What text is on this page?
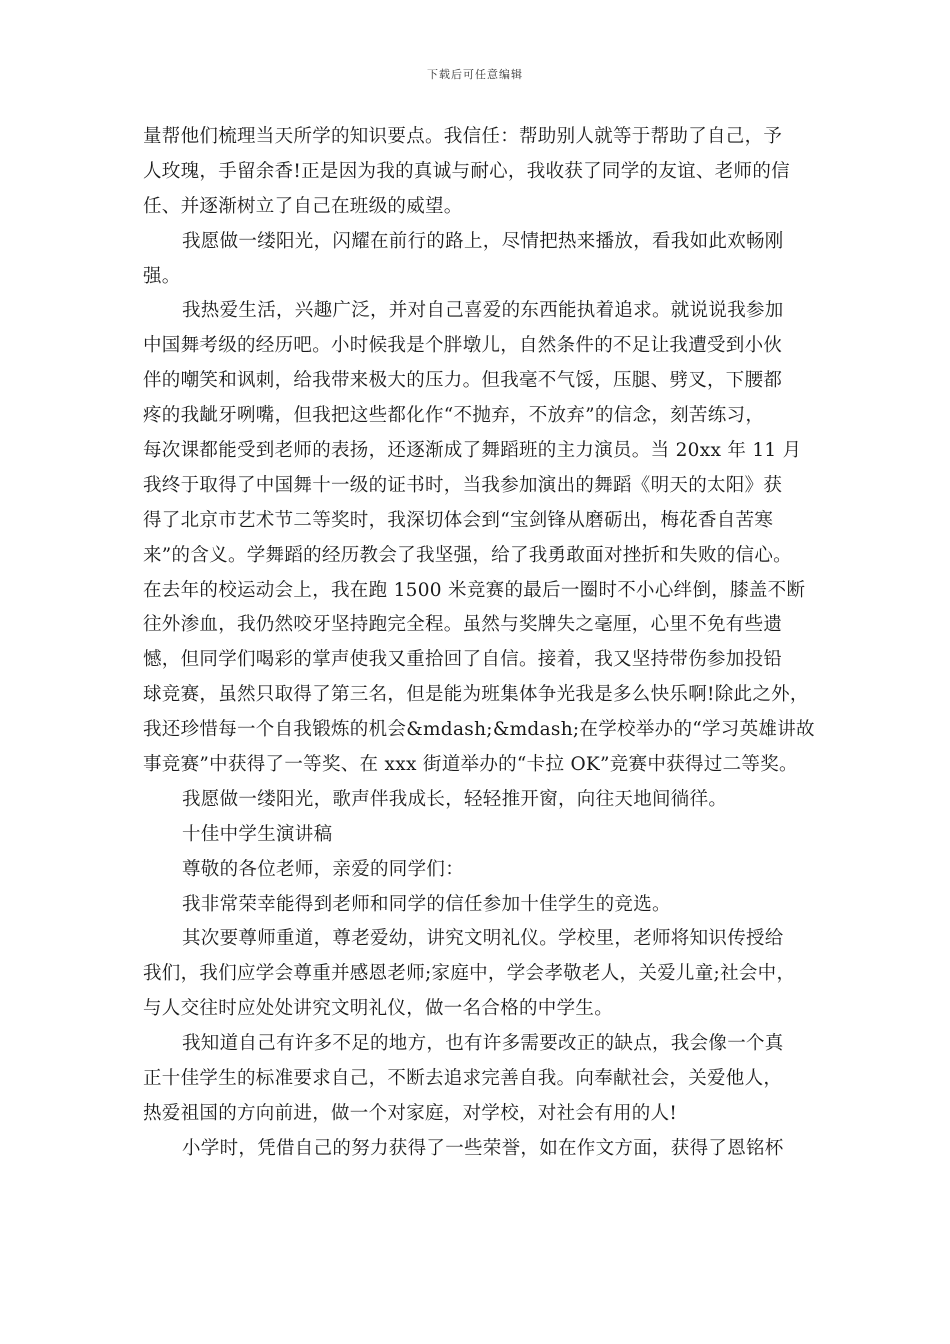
下载后可任意编辑
量帮他们梳理当天所学的知识要点。我信任：帮助别人就等于帮助了自己，予
人玫瑰，手留余香!正是因为我的真诚与耐心，我收获了同学的友谊、老师的信
任、并逐渐树立了自己在班级的威望。
我愿做一缕阳光，闪耀在前行的路上，尽情把热来播放，看我如此欢畅刚
强。
我热爱生活，兴趣广泛，并对自己喜爱的东西能执着追求。就说说我参加
中国舞考级的经历吧。小时候我是个胖墩儿，自然条件的不足让我遭受到小伙
伴的嘲笑和讽刺，给我带来极大的压力。但我毫不气馁，压腿、劈叉，下腰都
疼的我龇牙咧嘴，但我把这些都化作“不抛弃，不放弃”的信念，刻苦练习，
每次课都能受到老师的表扬，还逐渐成了舞蹈班的主力演员。当 20xx 年 11 月
我终于取得了中国舞十一级的证书时，当我参加演出的舞蹈《明天的太阳》获
得了北京市艺术节二等奖时，我深切体会到“宝剑锋从磨砺出，梅花香自苦寒
来”的含义。学舞蹈的经历教会了我坚强，给了我勇敢面对挫折和失败的信心。
在去年的校运动会上，我在跑 1500 米竞赛的最后一圈时不小心绊倒，膝盖不断
往外渗血，我仍然咬牙坚持跑完全程。虽然与奖牌失之毫厘，心里不免有些遗
憾，但同学们喝彩的掌声使我又重拾回了自信。接着，我又坚持带伤参加投铅
球竞赛，虽然只取得了第三名，但是能为班集体争光我是多么快乐啊!除此之外，
我还珍惜每一个自我锻炼的机会&mdash;&mdash;在学校举办的“学习英雄讲故
事竞赛”中获得了一等奖、在 xxx 街道举办的“卡拉 OK”竞赛中获得过二等奖。
我愿做一缕阳光，歌声伴我成长，轻轻推开窗，向往天地间徜徉。
十佳中学生演讲稿
尊敬的各位老师，亲爱的同学们：
我非常荣幸能得到老师和同学的信任参加十佳学生的竞选。
其次要尊师重道，尊老爱幼，讲究文明礼仪。学校里，老师将知识传授给
我们，我们应学会尊重并感恩老师;家庭中，学会孝敬老人，关爱儿童;社会中，
与人交往时应处处讲究文明礼仪，做一名合格的中学生。
我知道自己有许多不足的地方，也有许多需要改正的缺点，我会像一个真
正十佳学生的标准要求自己，不断去追求完善自我。向奉献社会，关爱他人，
热爱祖国的方向前进，做一个对家庭，对学校，对社会有用的人!
小学时，凭借自己的努力获得了一些荣誉，如在作文方面，获得了恩铭杯
